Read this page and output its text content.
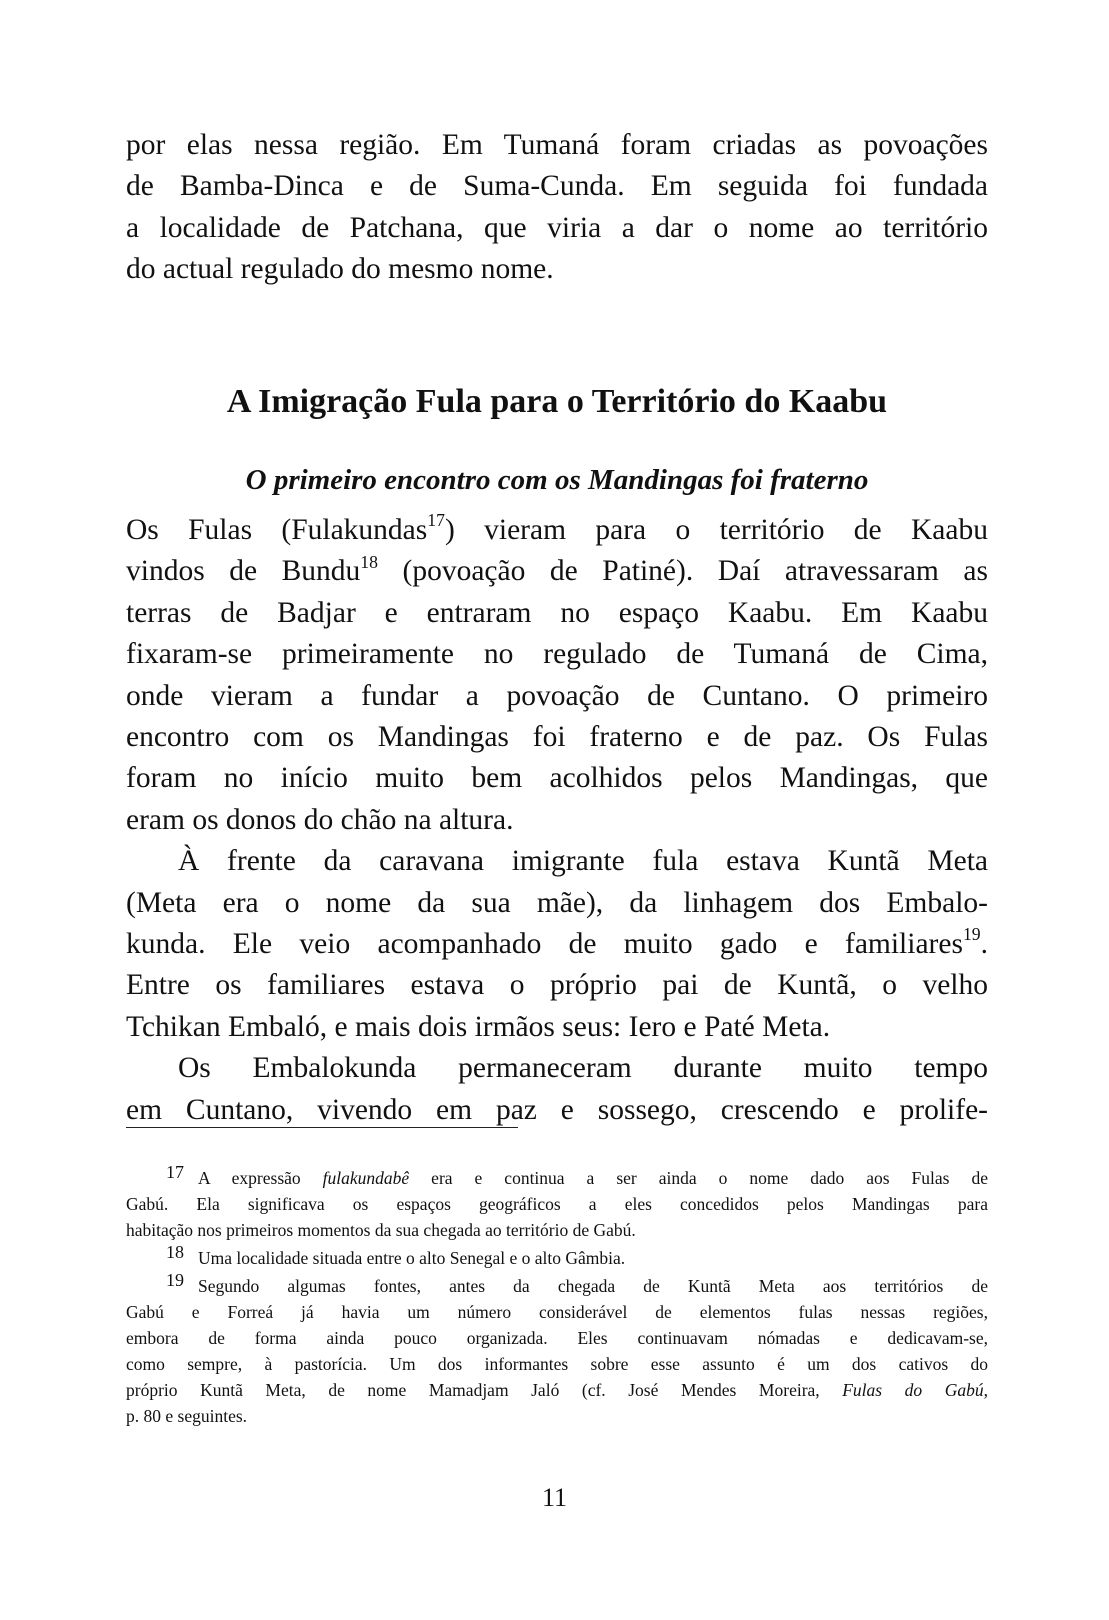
por elas nessa região. Em Tumaná foram criadas as povoações
de Bamba-Dinca e de Suma-Cunda. Em seguida foi fundada
a localidade de Patchana, que viria a dar o nome ao território
do actual regulado do mesmo nome.
A Imigração Fula para o Território do Kaabu
O primeiro encontro com os Mandingas foi fraterno
Os Fulas (Fulakundas$^{17}$) vieram para o território de Kaabu
vindos de Bundu$^{18}$ (povoação de Patiné). Daí atravessaram as
terras de Badjar e entraram no espaço Kaabu. Em Kaabu
fixaram-se primeiramente no regulado de Tumaná de Cima,
onde vieram a fundar a povoação de Cuntano. O primeiro
encontro com os Mandingas foi fraterno e de paz. Os Fulas
foram no início muito bem acolhidos pelos Mandingas, que
eram os donos do chão na altura.
À frente da caravana imigrante fula estava Kuntã Meta
(Meta era o nome da sua mãe), da linhagem dos Embalo-
kunda. Ele veio acompanhado de muito gado e familiares$^{19}$.
Entre os familiares estava o próprio pai de Kuntã, o velho
Tchikan Embaló, e mais dois irmãos seus: Iero e Paté Meta.
Os Embalokunda permaneceram durante muito tempo
em Cuntano, vivendo em paz e sossego, crescendo e prolife-
17 A expressão fulakundabê era e continua a ser ainda o nome dado aos Fulas de
Gabú. Ela significava os espaços geográficos a eles concedidos pelos Mandingas para
habitação nos primeiros momentos da sua chegada ao território de Gabú.
18 Uma localidade situada entre o alto Senegal e o alto Gâmbia.
19 Segundo algumas fontes, antes da chegada de Kuntã Meta aos territórios de
Gabú e Forreá já havia um número considerável de elementos fulas nessas regiões,
embora de forma ainda pouco organizada. Eles continuavam nómadas e dedicavam-se,
como sempre, à pastorícia. Um dos informantes sobre esse assunto é um dos cativos do
próprio Kuntã Meta, de nome Mamadjam Jaló (cf. José Mendes Moreira, Fulas do Gabú,
p. 80 e seguintes.
11
